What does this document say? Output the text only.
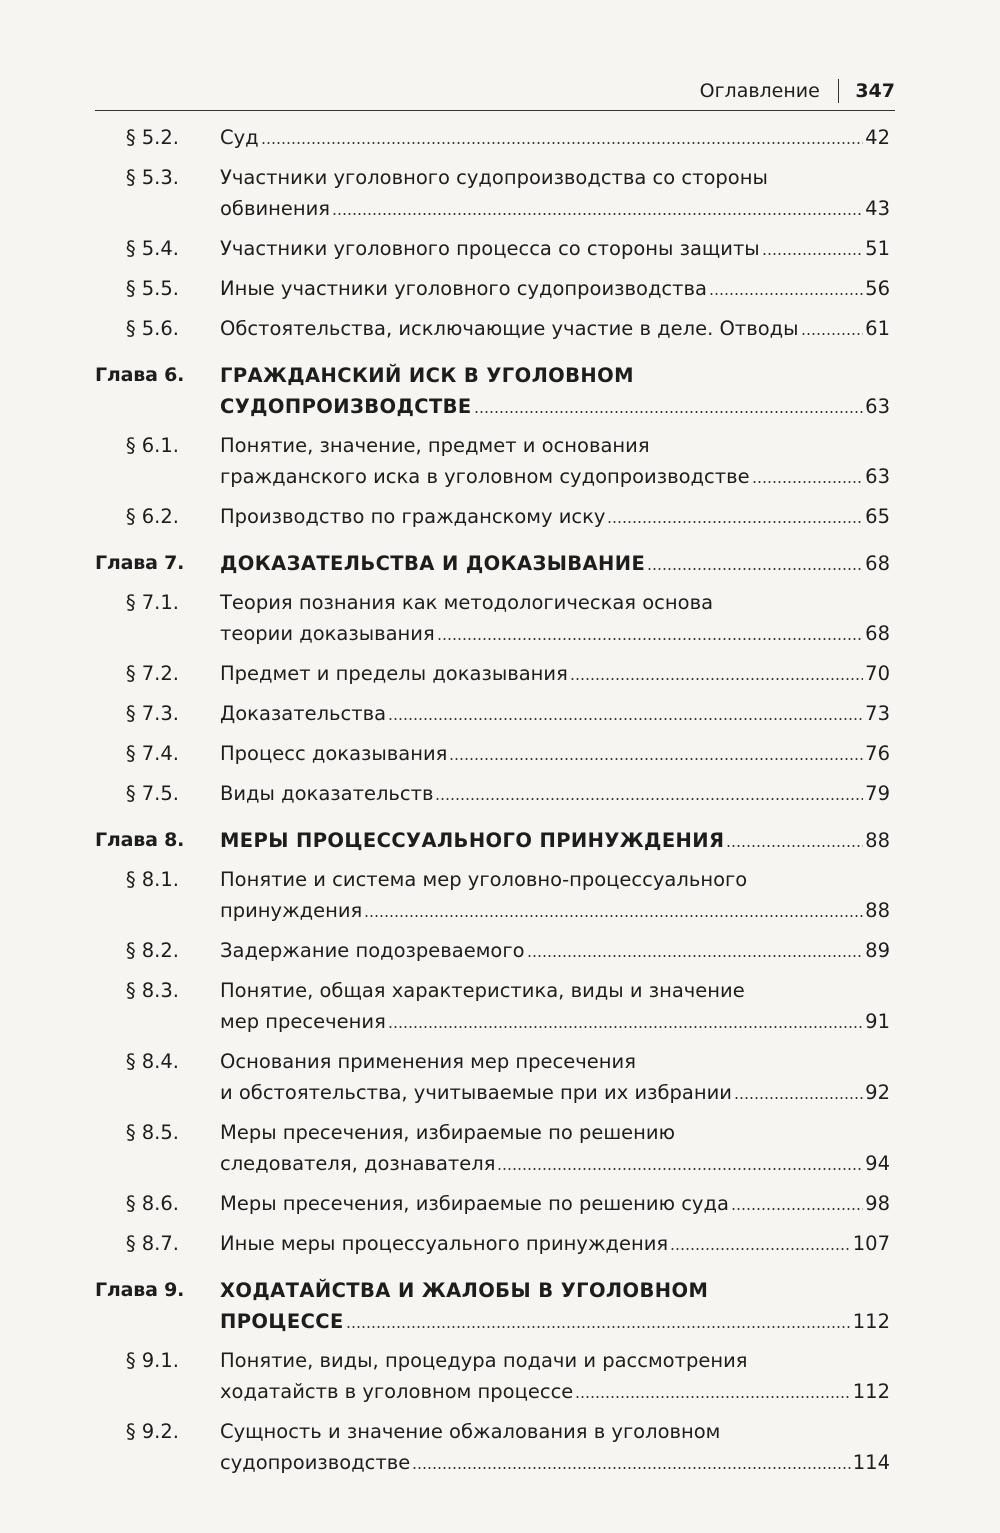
Оглавление 347
§ 5.2.	Суд	42
§ 5.3.	Участники уголовного судопроизводства со стороны
обвинения	43
§ 5.4.	Участники уголовного процесса со стороны защиты	51
§ 5.5.	Иные участники уголовного судопроизводства	56
§ 5.6.	Обстоятельства, исключающие участие в деле. Отводы	61
Глава 6.	ГРАЖДАНСКИЙ ИСК В УГОЛОВНОМ
СУДОПРОИЗВОДСТВЕ	63
§ 6.1.	Понятие, значение, предмет и основания
гражданского иска в уголовном судопроизводстве	63
§ 6.2.	Производство по гражданскому иску	65
Глава 7.	ДОКАЗАТЕЛЬСТВА И ДОКАЗЫВАНИЕ	68
§ 7.1.	Теория познания как методологическая основа
теории доказывания	68
§ 7.2.	Предмет и пределы доказывания	70
§ 7.3.	Доказательства	73
§ 7.4.	Процесс доказывания	76
§ 7.5.	Виды доказательств	79
Глава 8.	МЕРЫ ПРОЦЕССУАЛЬНОГО ПРИНУЖДЕНИЯ	88
§ 8.1.	Понятие и система мер уголовно-процессуального
принуждения	88
§ 8.2.	Задержание подозреваемого	89
§ 8.3.	Понятие, общая характеристика, виды и значение
мер пресечения	91
§ 8.4.	Основания применения мер пресечения
и обстоятельства, учитываемые при их избрании	92
§ 8.5.	Меры пресечения, избираемые по решению
следователя, дознавателя	94
§ 8.6.	Меры пресечения, избираемые по решению суда	98
§ 8.7.	Иные меры процессуального принуждения	107
Глава 9.	ХОДАТАЙСТВА И ЖАЛОБЫ В УГОЛОВНОМ
ПРОЦЕССЕ	112
§ 9.1.	Понятие, виды, процедура подачи и рассмотрения
ходатайств в уголовном процессе	112
§ 9.2.	Сущность и значение обжалования в уголовном
судопроизводстве	114
